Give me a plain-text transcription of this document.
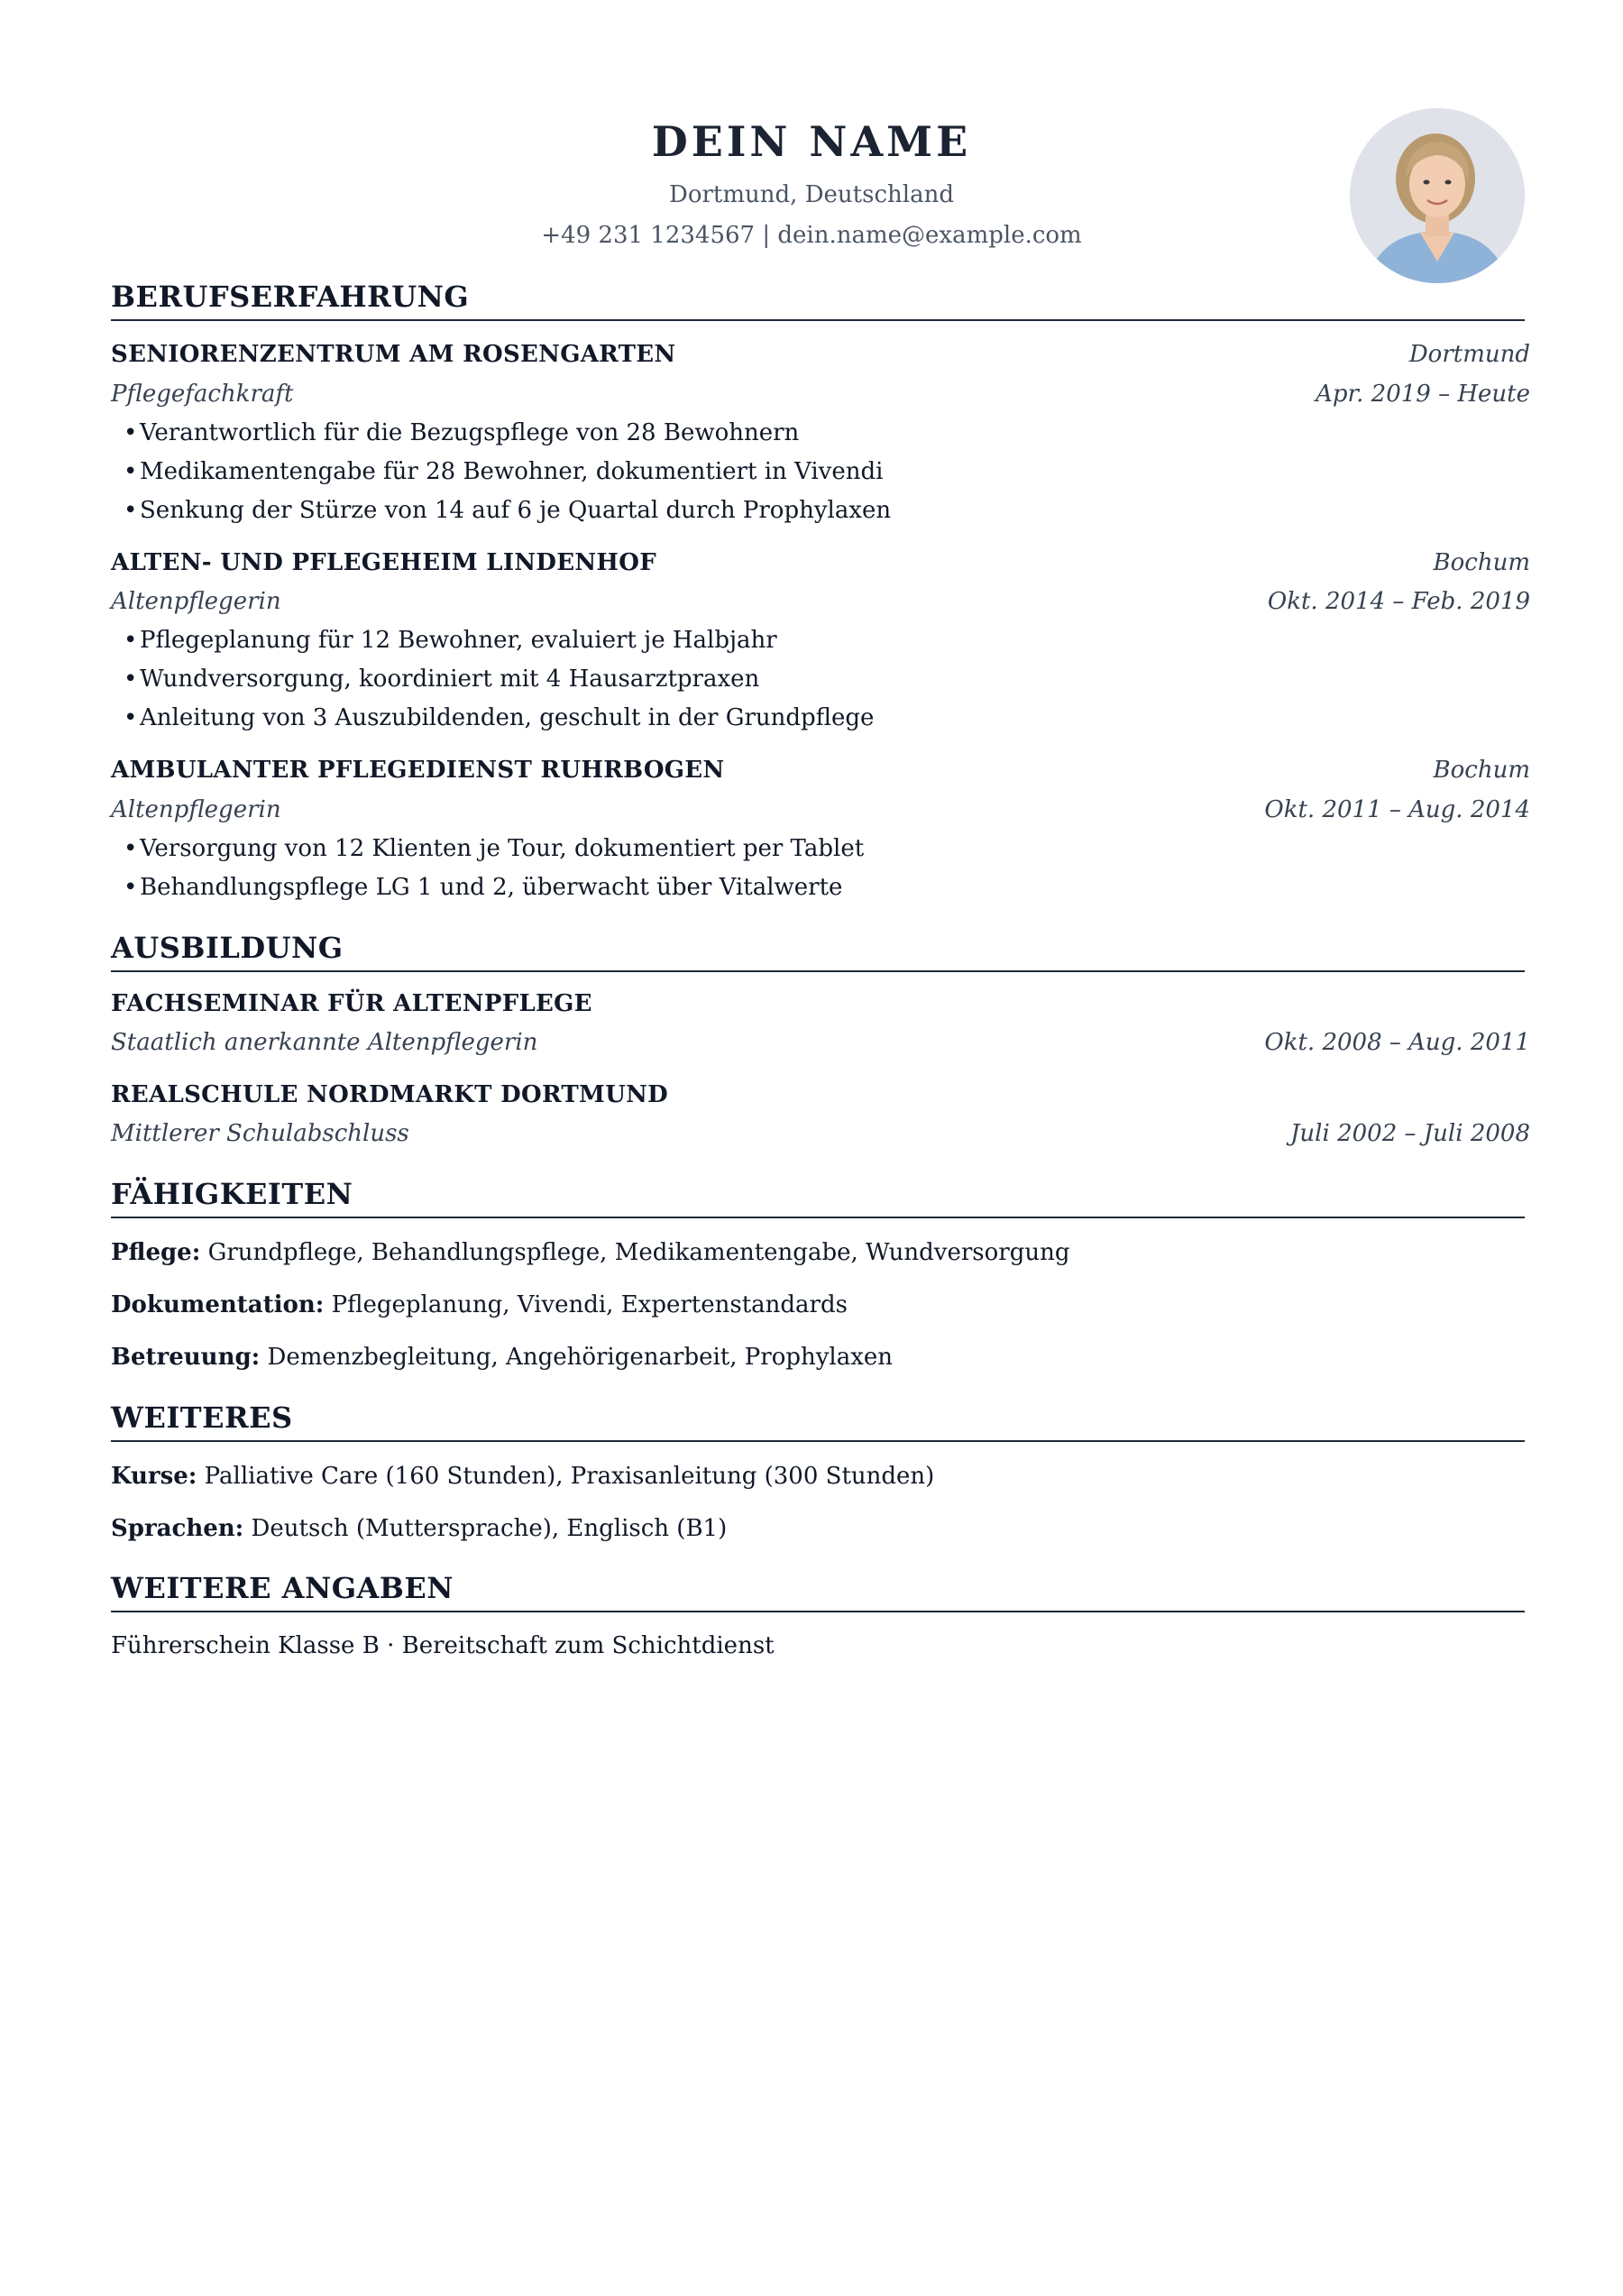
DEIN NAME
Dortmund, Deutschland
+49 231 1234567 | dein.name@example.com
BERUFSERFAHRUNG
SENIORENZENTRUM AM ROSENGARTEN	Dortmund
Pflegefachkraft	Apr. 2019 – Heute
• Verantwortlich für die Bezugspflege von 28 Bewohnern
• Medikamentengabe für 28 Bewohner, dokumentiert in Vivendi
• Senkung der Stürze von 14 auf 6 je Quartal durch Prophylaxen
ALTEN- UND PFLEGEHEIM LINDENHOF	Bochum
Altenpflegerin	Okt. 2014 – Feb. 2019
• Pflegeplanung für 12 Bewohner, evaluiert je Halbjahr
• Wundversorgung, koordiniert mit 4 Hausarztpraxen
• Anleitung von 3 Auszubildenden, geschult in der Grundpflege
AMBULANTER PFLEGEDIENST RUHRBOGEN	Bochum
Altenpflegerin	Okt. 2011 – Aug. 2014
• Versorgung von 12 Klienten je Tour, dokumentiert per Tablet
• Behandlungspflege LG 1 und 2, überwacht über Vitalwerte
AUSBILDUNG
FACHSEMINAR FÜR ALTENPFLEGE
Staatlich anerkannte Altenpflegerin	Okt. 2008 – Aug. 2011
REALSCHULE NORDMARKT DORTMUND
Mittlerer Schulabschluss	Juli 2002 – Juli 2008
FÄHIGKEITEN
Pflege: Grundpflege, Behandlungspflege, Medikamentengabe, Wundversorgung
Dokumentation: Pflegeplanung, Vivendi, Expertenstandards
Betreuung: Demenzbegleitung, Angehörigenarbeit, Prophylaxen
WEITERES
Kurse: Palliative Care (160 Stunden), Praxisanleitung (300 Stunden)
Sprachen: Deutsch (Muttersprache), Englisch (B1)
WEITERE ANGABEN
Führerschein Klasse B · Bereitschaft zum Schichtdienst
